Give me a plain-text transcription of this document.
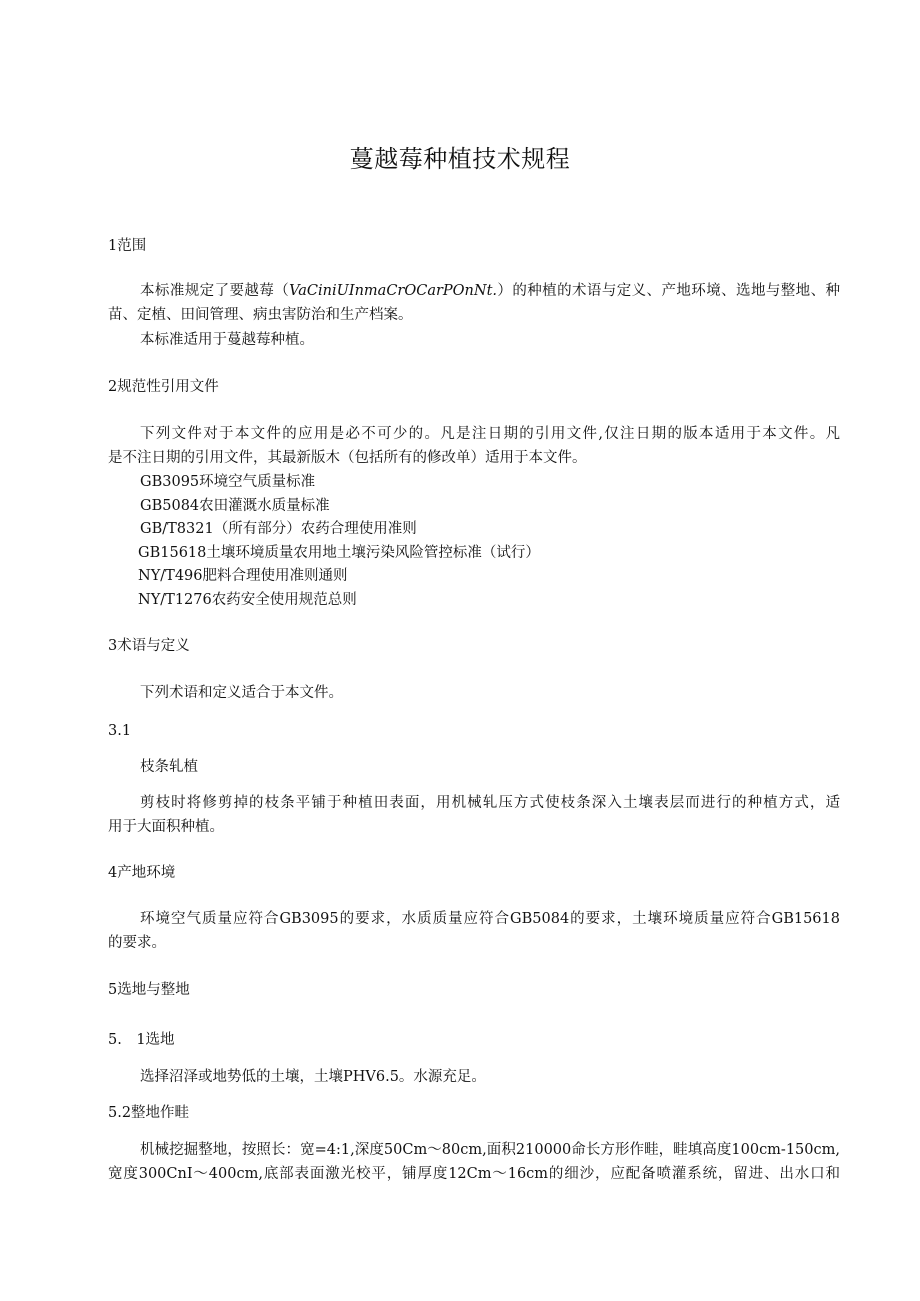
蔓越莓种植技术规程
1范围
本标准规定了要越莓（VaCiniUInmaCrOCarPOnNt.）的种植的术语与定义、产地环境、选地与整地、种
苗、定植、田间管理、病虫害防治和生产档案。
本标准适用于蔓越莓种植。
2规范性引用文件
下列文件对于本文件的应用是必不可少的。凡是注日期的引用文件,仅注日期的版本适用于本文件。凡
是不注日期的引用文件，其最新版木（包括所有的修改单）适用于本文件。
GB3095环境空气质量标准
GB5084农田灌溉水质量标准
GB/T8321（所有部分）农药合理使用准则
GB15618土壤环境质量农用地土壤污染风险管控标准（试行）
NY/T496肥料合理使用准则通则
NY/T1276农药安全使用规范总则
3术语与定义
下列术语和定义适合于本文件。
3.1
枝条轧植
剪枝时将修剪掉的枝条平铺于种植田表面，用机械轧压方式使枝条深入土壤表层而进行的种植方式，适
用于大面积种植。
4产地环境
环境空气质量应符合GB3095的要求，水质质量应符合GB5084的要求，土壤环境质量应符合GB15618
的要求。
5选地与整地
5.　1选地
选择沼泽或地势低的土壤，土壤PHV6.5。水源充足。
5.2整地作畦
机械挖掘整地，按照长：宽=4:1,深度50Cm～80cm,面积210000命长方形作畦，畦填高度100cm-150cm,
宽度300CnI～400cm,底部表面激光校平，铺厚度12Cm～16cm的细沙，应配备喷灌系统，留进、出水口和
